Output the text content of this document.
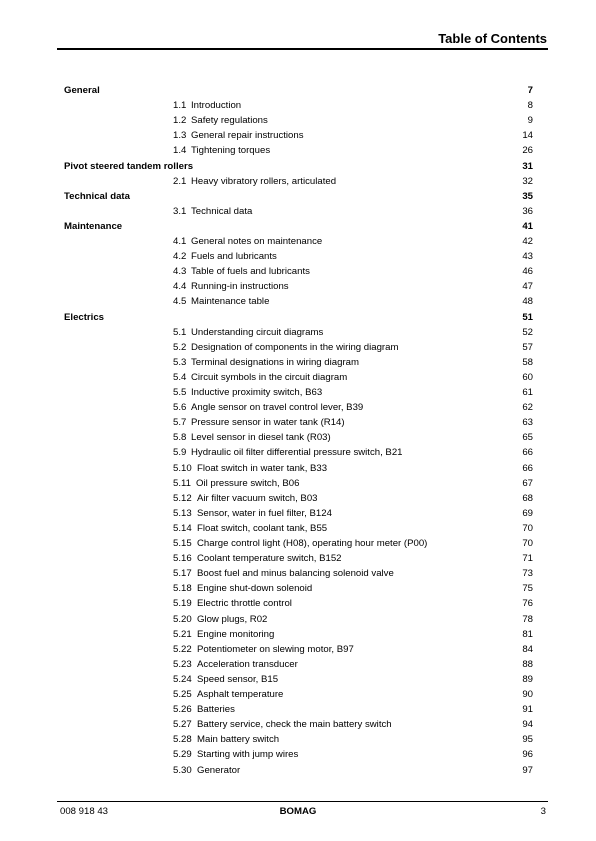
Table of Contents
General	7
1.1 Introduction	8
1.2 Safety regulations	9
1.3 General repair instructions	14
1.4 Tightening torques	26
Pivot steered tandem rollers	31
2.1 Heavy vibratory rollers, articulated	32
Technical data	35
3.1 Technical data	36
Maintenance	41
4.1 General notes on maintenance	42
4.2 Fuels and lubricants	43
4.3 Table of fuels and lubricants	46
4.4 Running-in instructions	47
4.5 Maintenance table	48
Electrics	51
5.1 Understanding circuit diagrams	52
5.2 Designation of components in the wiring diagram	57
5.3 Terminal designations in wiring diagram	58
5.4 Circuit symbols in the circuit diagram	60
5.5 Inductive proximity switch, B63	61
5.6 Angle sensor on travel control lever, B39	62
5.7 Pressure sensor in water tank (R14)	63
5.8 Level sensor in diesel tank (R03)	65
5.9 Hydraulic oil filter differential pressure switch, B21	66
5.10 Float switch in water tank, B33	66
5.11 Oil pressure switch, B06	67
5.12 Air filter vacuum switch, B03	68
5.13 Sensor, water in fuel filter, B124	69
5.14 Float switch, coolant tank, B55	70
5.15 Charge control light (H08), operating hour meter (P00)	70
5.16 Coolant temperature switch, B152	71
5.17 Boost fuel and minus balancing solenoid valve	73
5.18 Engine shut-down solenoid	75
5.19 Electric throttle control	76
5.20 Glow plugs, R02	78
5.21 Engine monitoring	81
5.22 Potentiometer on slewing motor, B97	84
5.23 Acceleration transducer	88
5.24 Speed sensor, B15	89
5.25 Asphalt temperature	90
5.26 Batteries	91
5.27 Battery service, check the main battery switch	94
5.28 Main battery switch	95
5.29 Starting with jump wires	96
5.30 Generator	97
008 918 43	BOMAG	3
